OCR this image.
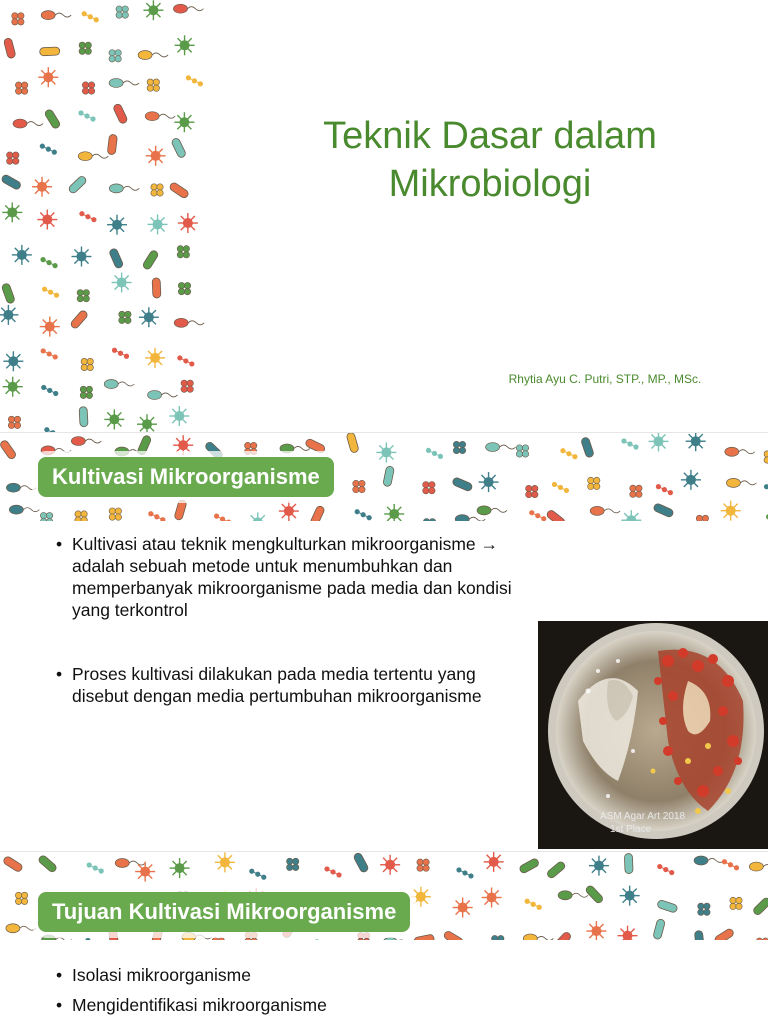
Teknik Dasar dalam
Mikrobiologi
Rhytia Ayu C. Putri, STP., MP., MSc.
Kultivasi Mikroorganisme
• Kultivasi atau teknik mengkulturkan mikroorganisme → adalah sebuah metode untuk menumbuhkan dan memperbanyak mikroorganisme pada media dan kondisi yang terkontrol
• Proses kultivasi dilakukan pada media tertentu yang disebut dengan media pertumbuhan mikroorganisme
ASM Agar Art 2018
1st Place
Tujuan Kultivasi Mikroorganisme
• Isolasi mikroorganisme
• Mengidentifikasi mikroorganisme
